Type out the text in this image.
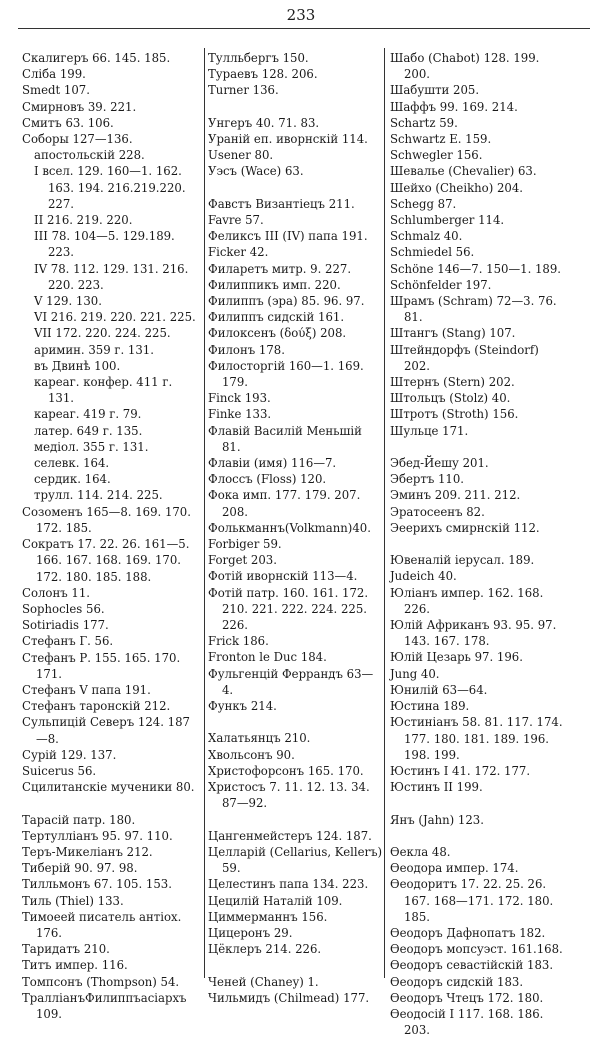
233
Скалигеръ 66. 145. 185.
Сліба 199.
Smedt 107.
Смирновъ 39. 221.
Смитъ 63. 106.
Соборы 127—136.
апостольскій 228.
I всел. 129. 160—1. 162. 163. 194. 216.219.220. 227.
II 216. 219. 220.
III 78. 104—5. 129.189. 223.
IV 78. 112. 129. 131. 216. 220. 223.
V 129. 130.
VI 216. 219. 220. 221. 225.
VII 172. 220. 224. 225.
аримин. 359 г. 131.
въ Двинѣ 100.
кареаг. конфер. 411 г. 131.
кареаг. 419 г. 79.
латер. 649 г. 135.
медіол. 355 г. 131.
селевк. 164.
сердик. 164.
трулл. 114. 214. 225.
Созоменъ 165—8. 169. 170. 172. 185.
Сократъ 17. 22. 26. 161—5. 166. 167. 168. 169. 170. 172. 180. 185. 188.
Солонъ 11.
Sophocles 56.
Sotiriadis 177.
Стефанъ Г. 56.
Стефанъ Р. 155. 165. 170. 171.
Стефанъ V папа 191.
Стефанъ таронскій 212.
Сульпицій Северъ 124. 187—8.
Сурій 129. 137.
Suicerus 56.
Сцилитанскіе мученики 80.
Тарасій патр. 180.
Тертулліанъ 95. 97. 110.
Теръ-Микеліанъ 212.
Тиберій 90. 97. 98.
Тилльмонъ 67. 105. 153.
Тиль (Thiel) 133.
Тимоеей писатель антіох. 176.
Таридатъ 210.
Титъ импер. 116.
Томпсонъ (Thompson) 54.
ТралліанъФилиппъасіархъ 109.
Тулльбергъ 150.
Тураевъ 128. 206.
Turner 136.
Унгеръ 40. 71. 83.
Ураній еп. иворнскій 114.
Usener 80.
Уэсъ (Wace) 63.
Фавстъ Византіецъ 211.
Favre 57.
Феликсъ III (IV) папа 191.
Ficker 42.
Филаретъ митр. 9. 227.
Филиппикъ имп. 220.
Филиппъ (эра) 85. 96. 97.
Филиппъ сидскій 161.
Филоксенъ (δούξ) 208.
Филонъ 178.
Филосторгій 160—1. 169. 179.
Finck 193.
Finke 133.
Флавій Василій Меньшій 81.
Флавіи (имя) 116—7.
Флоссъ (Floss) 120.
Фока имп. 177. 179. 207. 208.
Фолькманнъ(Volkmann)40.
Forbiger 59.
Forget 203.
Фотій иворнскій 113—4.
Фотій патр. 160. 161. 172. 210. 221. 222. 224. 225. 226.
Frick 186.
Fronton le Duc 184.
Фульгенцій Феррандъ 63—4.
Функъ 214.
Халатьянцъ 210.
Хвольсонъ 90.
Христофорсонъ 165. 170.
Христосъ 7. 11. 12. 13. 34. 87—92.
Цангенмейстеръ 124. 187.
Целларій (Cellarius, Kellerъ) 59.
Целестинъ папа 134. 223.
Цецилій Наталій 109.
Циммерманнъ 156.
Цицеронъ 29.
Цёклеръ 214. 226.
Ченей (Chaney) 1.
Чильмидъ (Chilmead) 177.
Шабо (Chabot) 128. 199. 200.
Шабушти 205.
Шаффъ 99. 169. 214.
Schartz 59.
Schwartz E. 159.
Schwegler 156.
Шевалье (Chevalier) 63.
Шейхо (Cheikho) 204.
Schegg 87.
Schlumberger 114.
Schmalz 40.
Schmiedel 56.
Schöne 146—7. 150—1. 189.
Schönfelder 197.
Шрамъ (Schram) 72—3. 76. 81.
Штангъ (Stang) 107.
Штейндорфъ (Steindorf) 202.
Штернъ (Stern) 202.
Штольцъ (Stolz) 40.
Штротъ (Stroth) 156.
Шульце 171.
Эбед-Йешу 201.
Эбертъ 110.
Эминъ 209. 211. 212.
Эратосеенъ 82.
Эеерихъ смирнскій 112.
Ювеналій іерусал. 189.
Judeich 40.
Юліанъ импер. 162. 168. 226.
Юлій Африканъ 93. 95. 97. 143. 167. 178.
Юлій Цезарь 97. 196.
Jung 40.
Юнилій 63—64.
Юстина 189.
Юстиніанъ 58. 81. 117. 174. 177. 180. 181. 189. 196. 198. 199.
Юстинъ I 41. 172. 177.
Юстинъ II 199.
Янъ (Jahn) 123.
Өекла 48.
Өеодора импер. 174.
Өеодоритъ 17. 22. 25. 26. 167. 168—171. 172. 180. 185.
Өеодоръ Дафнопатъ 182.
Өеодоръ мопсуэст. 161.168.
Өеодоръ севастійскій 183.
Өеодоръ сидскій 183.
Өеодоръ Чтецъ 172. 180.
Өеодосій I 117. 168. 186. 203.
